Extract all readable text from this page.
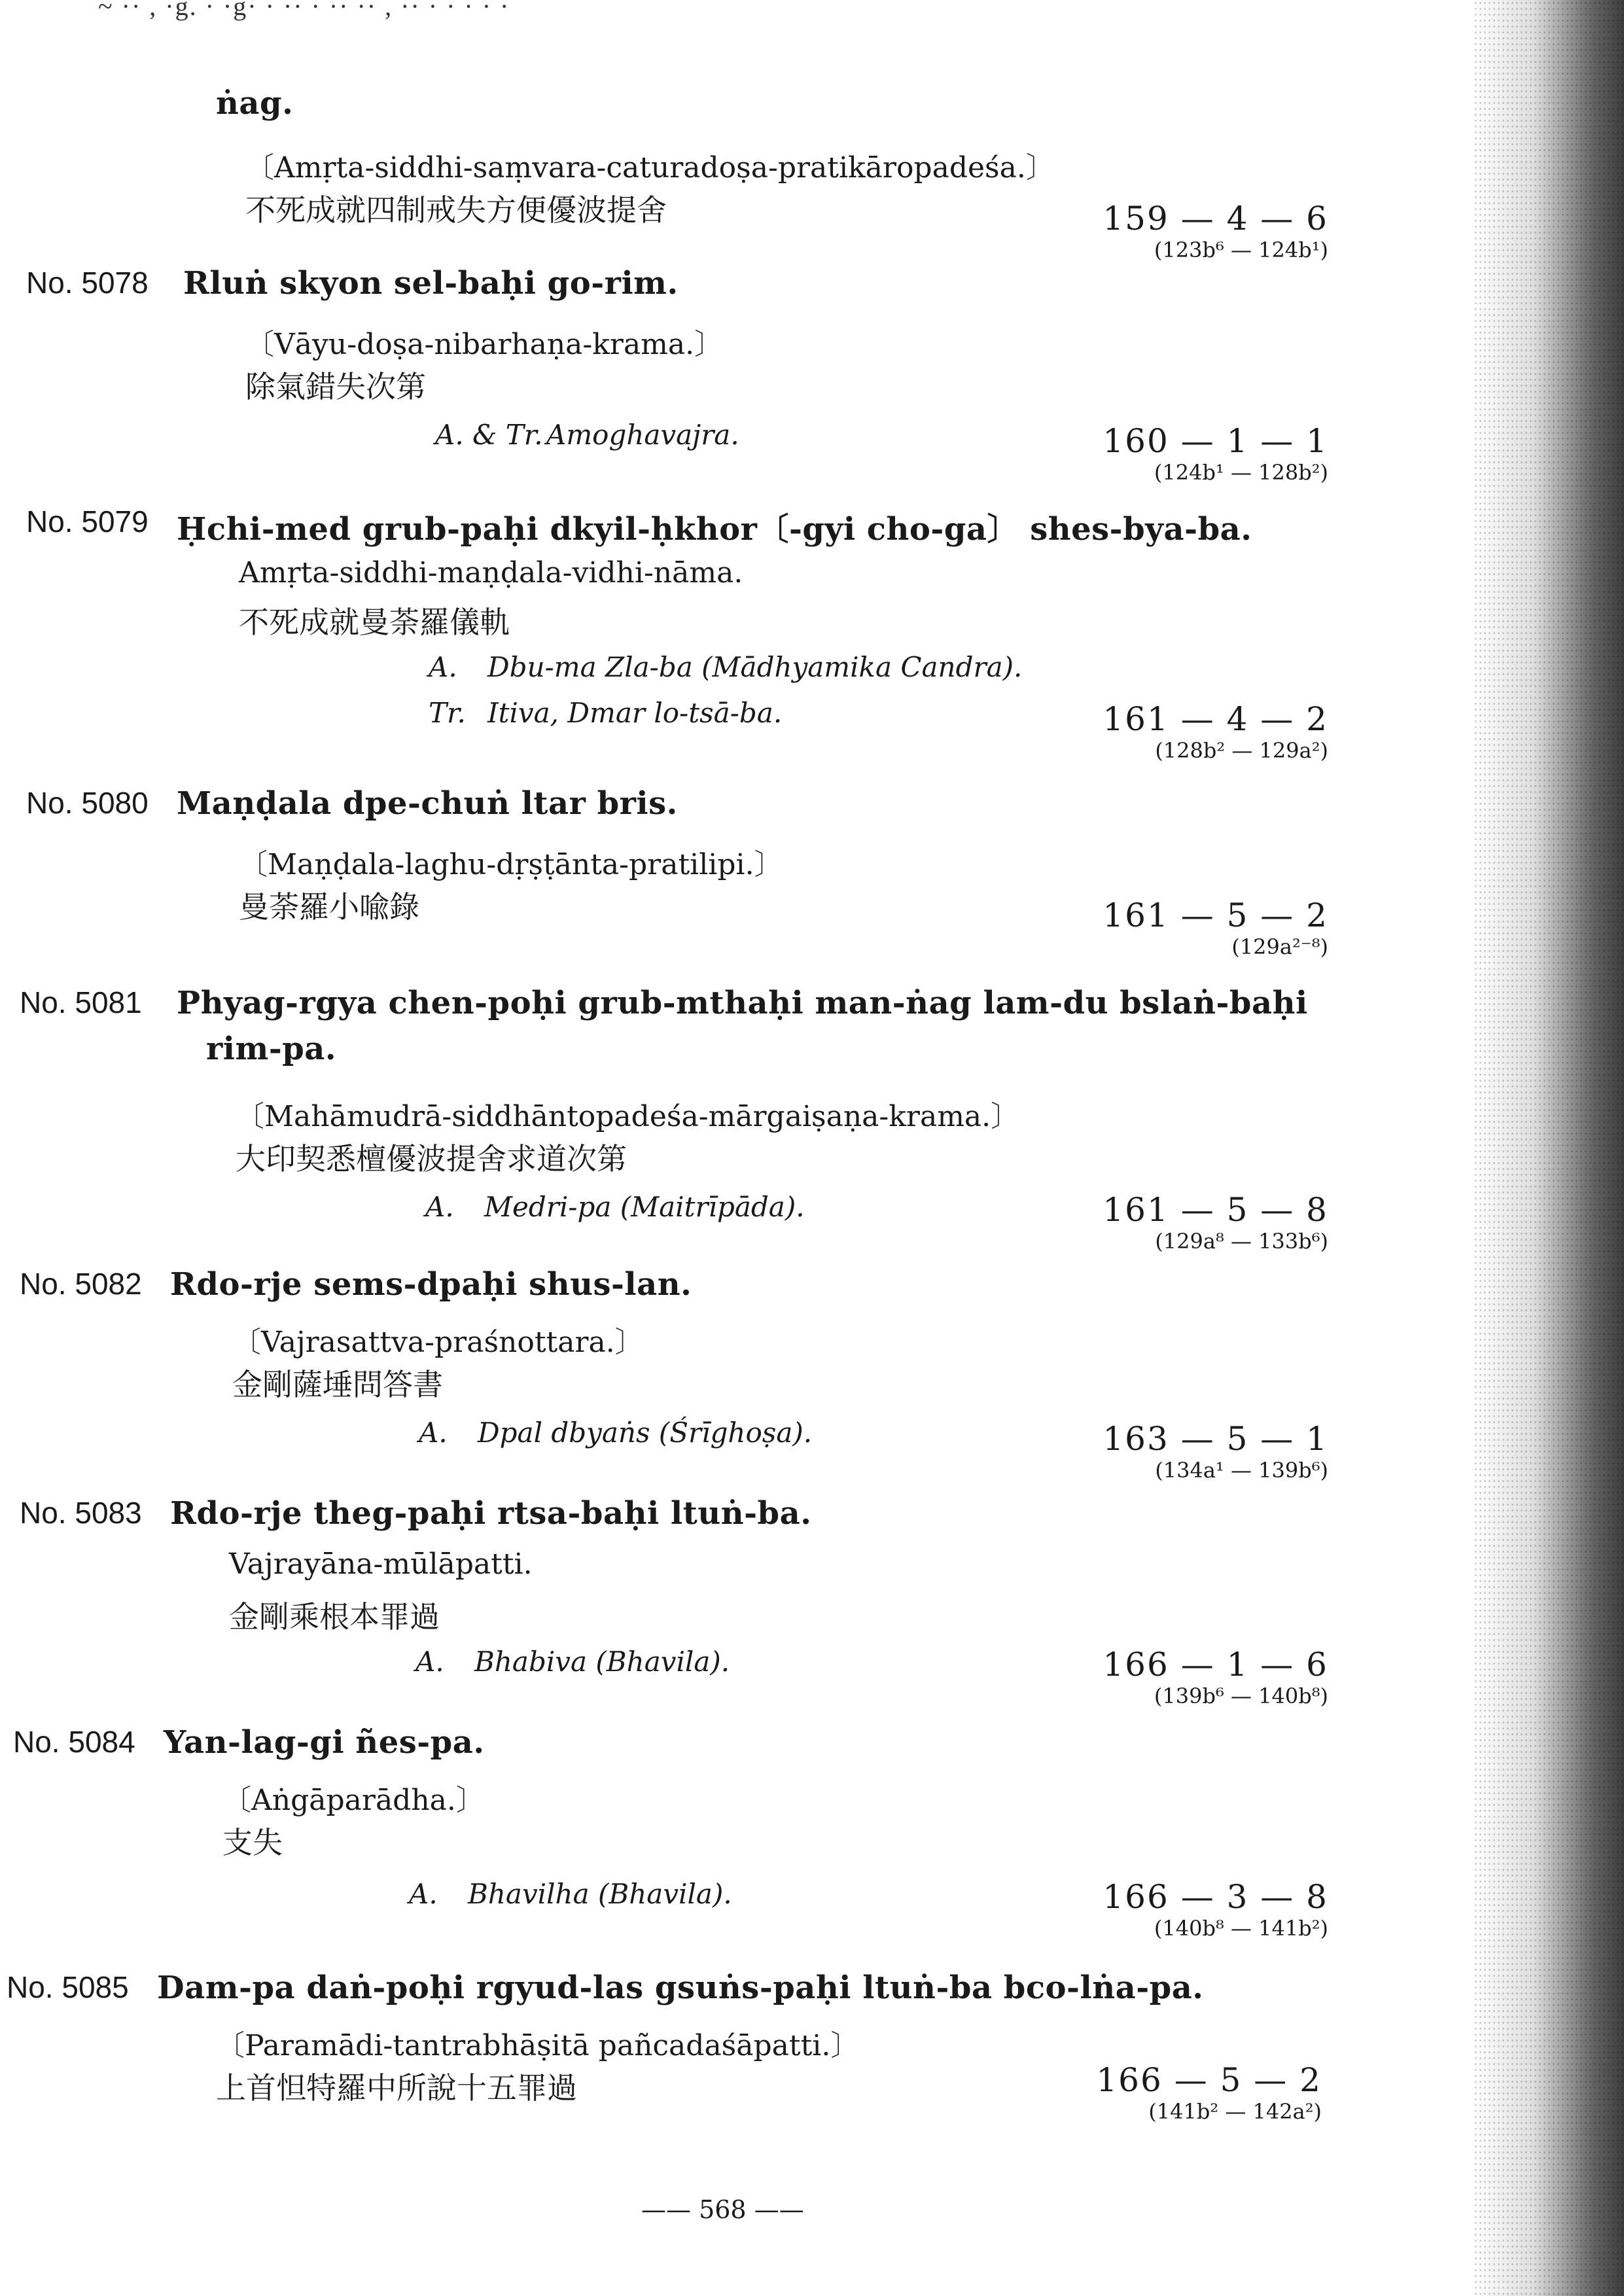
~ ·· , ·g. · ·g· · ·· · ·· ·· , ·· · · · · ·
ṅag.
〔Amṛta-siddhi-saṃvara-caturadoṣa-pratikāropadeśa.〕
不死成就四制戒失方便優波提舍	159 — 4 — 6
(123b⁶ — 124b¹)
No. 5078 Rluṅ skyon sel-baḥi go-rim.
〔Vāyu-doṣa-nibarhaṇa-krama.〕
除氣錯失次第
A. & Tr. Amoghavajra.	160 — 1 — 1
(124b¹ — 128b²)
No. 5079 Ḥchi-med grub-paḥi dkyil-ḥkhor〔-gyi cho-ga〕 shes-bya-ba.
Amṛta-siddhi-maṇḍala-vidhi-nāma.
不死成就曼荼羅儀軌
A. Dbu-ma Zla-ba (Mādhyamika Candra).
Tr. Itiva, Dmar lo-tsā-ba.	161 — 4 — 2
(128b² — 129a²)
No. 5080 Maṇḍala dpe-chuṅ ltar bris.
〔Maṇḍala-laghu-dṛṣṭānta-pratilipi.〕
曼荼羅小喩錄	161 — 5 — 2
(129a²⁻⁸)
No. 5081 Phyag-rgya chen-poḥi grub-mthaḥi man-ṅag lam-du bslaṅ-baḥi
rim-pa.
〔Mahāmudrā-siddhāntopadeśa-mārgaiṣaṇa-krama.〕
大印契悉檀優波提舍求道次第
A. Medri-pa (Maitrīpāda).	161 — 5 — 8
(129a⁸ — 133b⁶)
No. 5082 Rdo-rje sems-dpaḥi shus-lan.
〔Vajrasattva-praśnottara.〕
金剛薩埵問答書
A. Dpal dbyaṅs (Śrīghoṣa).	163 — 5 — 1
(134a¹ — 139b⁶)
No. 5083 Rdo-rje theg-paḥi rtsa-baḥi ltuṅ-ba.
Vajrayāna-mūlāpatti.
金剛乘根本罪過
A. Bhabiva (Bhavila).	166 — 1 — 6
(139b⁶ — 140b⁸)
No. 5084 Yan-lag-gi ñes-pa.
〔Aṅgāparādha.〕
支失
A. Bhavilha (Bhavila).	166 — 3 — 8
(140b⁸ — 141b²)
No. 5085 Dam-pa daṅ-poḥi rgyud-las gsuṅs-paḥi ltuṅ-ba bco-lṅa-pa.
〔Paramādi-tantrabhāṣitā pañcadaśāpatti.〕
上首怛特羅中所說十五罪過	166 — 5 — 2
(141b² — 142a²)
—— 568 ——
